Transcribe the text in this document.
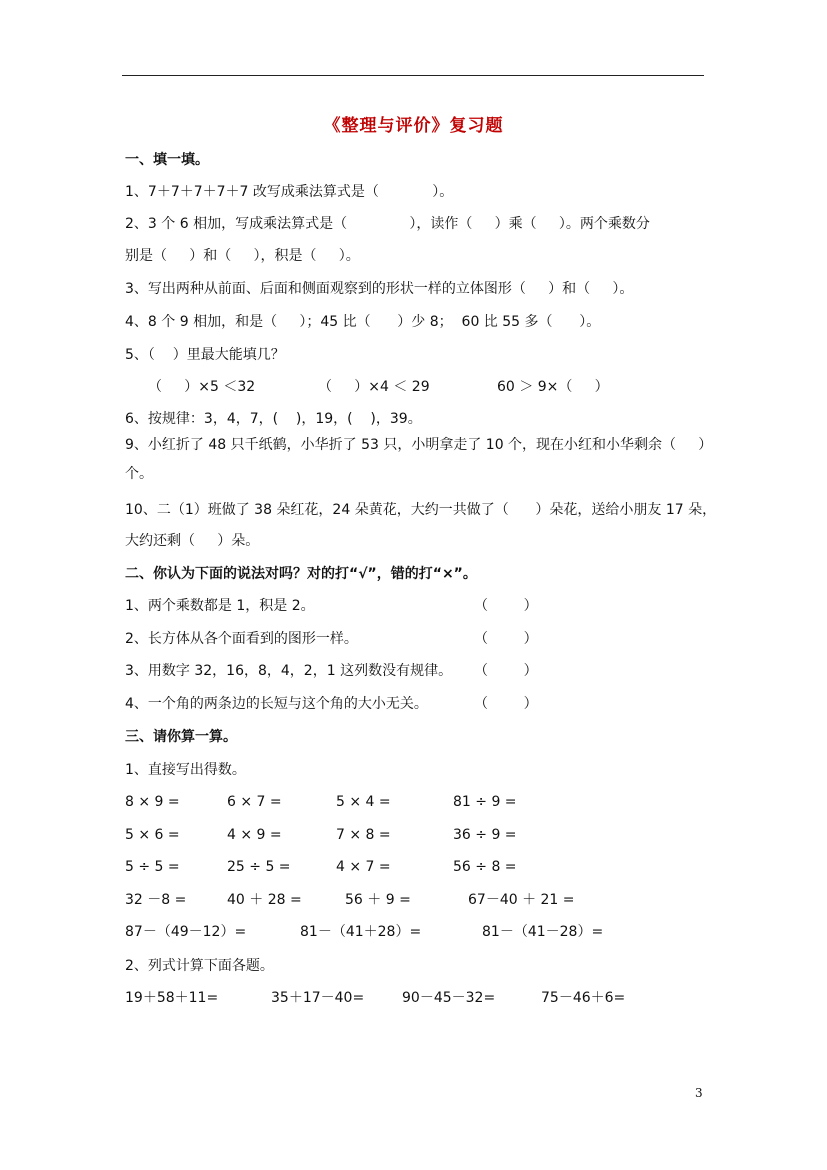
《整理与评价》复习题
一、填一填。
1、7＋7＋7＋7＋7 改写成乘法算式是（            ）。
2、3 个 6 相加，写成乘法算式是（              ），读作（     ）乘（     ）。两个乘数分
别是（     ）和（     ），积是（     ）。
3、写出两种从前面、后面和侧面观察到的形状一样的立体图形（     ）和（     ）。
4、8 个 9 相加，和是（     ）；45 比（      ）少 8；  60 比 55 多（      ）。
5、（    ）里最大能填几？
（     ）×5 ＜32	（     ）×4 ＜ 29	60 ＞ 9×（     ）
6、按规律：3，4，7，(    )，19，(    )，39。
9、小红折了 48 只千纸鹤，小华折了 53 只，小明拿走了 10 个，现在小红和小华剩余（     ）
个。
10、二（1）班做了 38 朵红花，24 朵黄花，大约一共做了（      ）朵花，送给小朋友 17 朵，
大约还剩（     ）朵。
二、你认为下面的说法对吗？对的打“√”，错的打“×”。
1、两个乘数都是 1，积是 2。	（        ）
2、长方体从各个面看到的图形一样。	（        ）
3、用数字 32，16，8，4，2，1 这列数没有规律。 （        ）
4、一个角的两条边的长短与这个角的大小无关。	（        ）
三、请你算一算。
1、直接写出得数。
8 × 9 =	6 × 7 =	5 × 4 =	81 ÷ 9 =
5 × 6 =	4 × 9 =	7 × 8 =	36 ÷ 9 =
5 ÷ 5 =	25 ÷ 5 =	4 × 7 =	56 ÷ 8 =
32 －8 =	40 ＋ 28 =	56 ＋ 9 =	67－40 ＋ 21 =
87－（49－12）=	81－（41＋28）=	81－（41－28）=
2、列式计算下面各题。
19＋58＋11=	35＋17－40=	90－45－32=	75－46＋6=
3
